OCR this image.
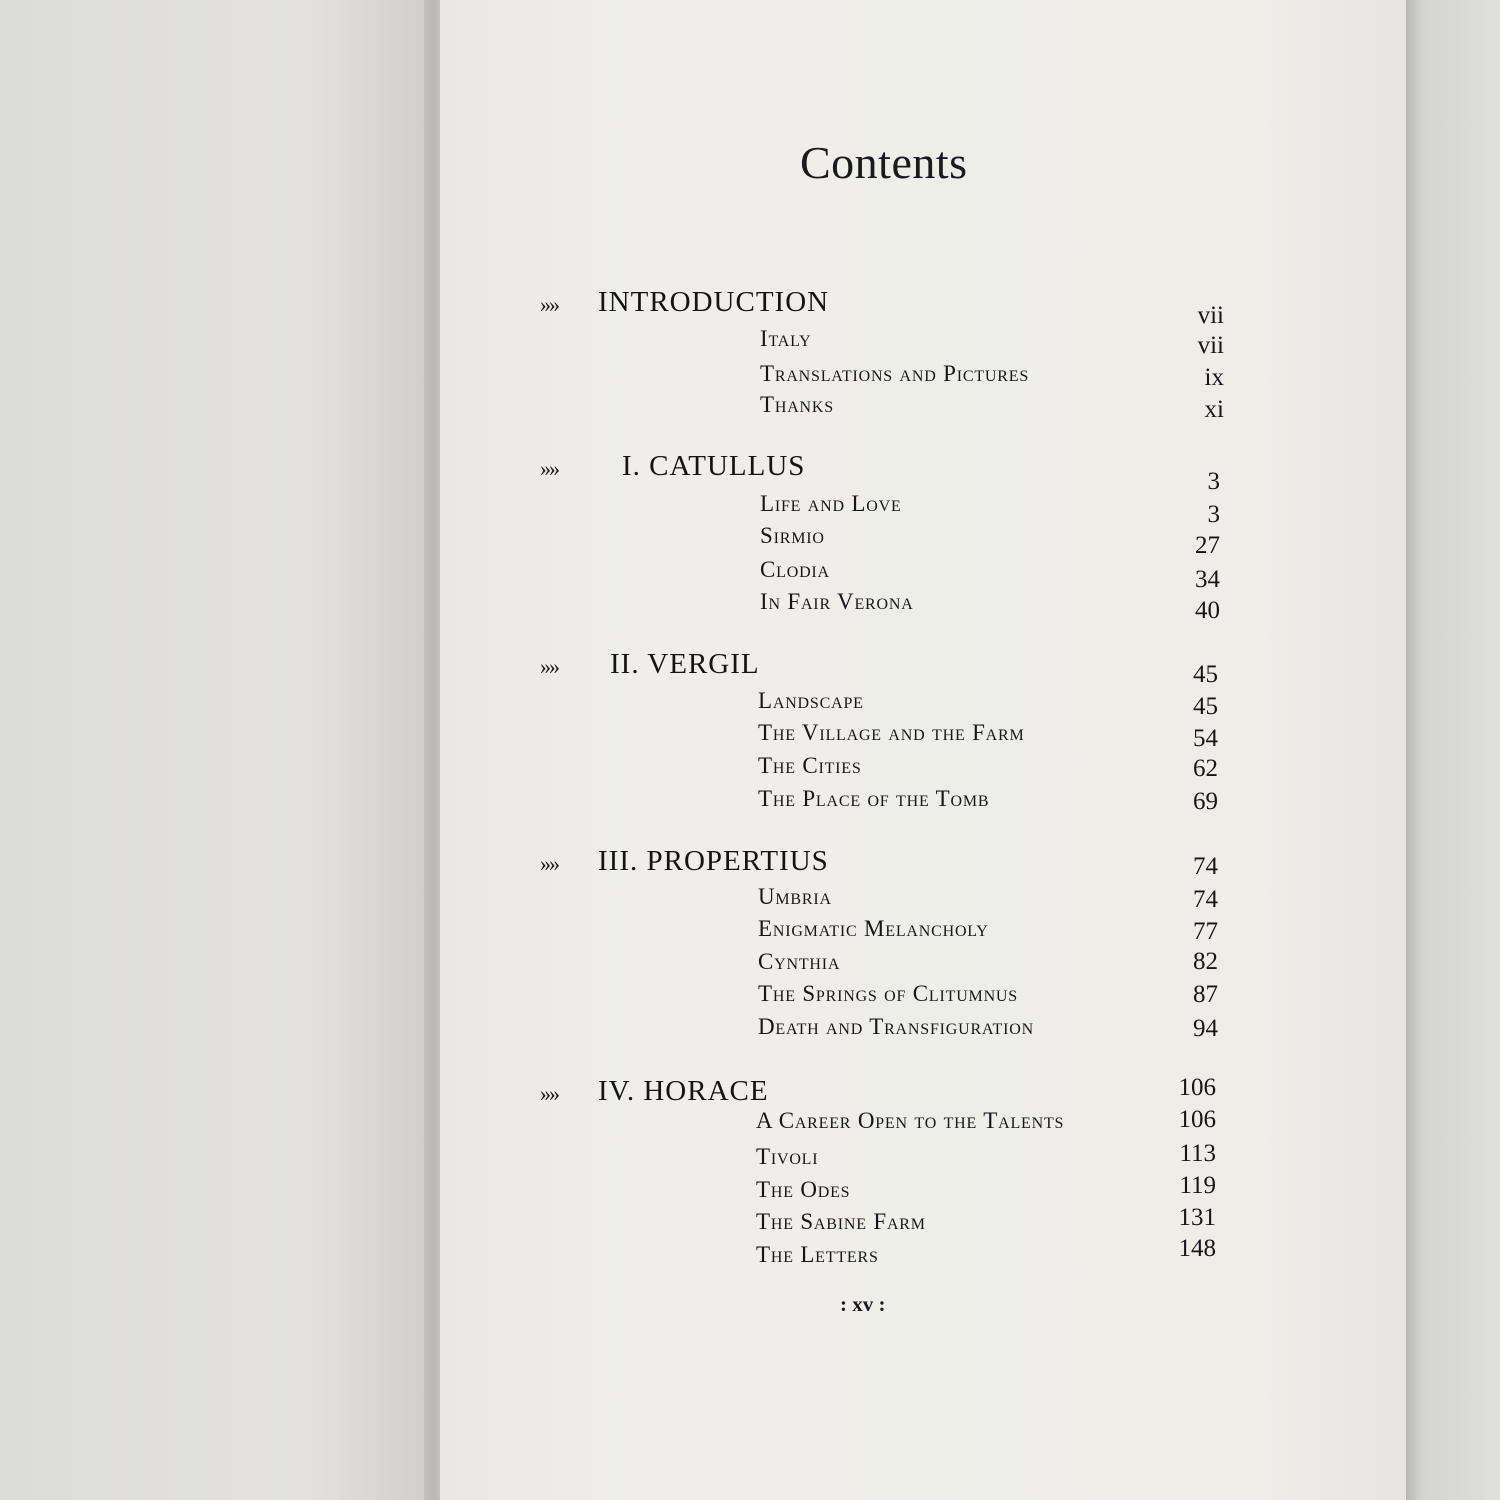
Contents
»» INTRODUCTION	vii
Italy	vii
Translations and Pictures	ix
Thanks	xi
»» I. CATULLUS	3
Life and Love	3
Sirmio	27
Clodia	34
In Fair Verona	40
»» II. VERGIL	45
Landscape	45
The Village and the Farm	54
The Cities	62
The Place of the Tomb	69
»» III. PROPERTIUS	74
Umbria	74
Enigmatic Melancholy	77
Cynthia	82
The Springs of Clitumnus	87
Death and Transfiguration	94
»» IV. HORACE	106
A Career Open to the Talents	106
Tivoli	113
The Odes	119
The Sabine Farm	131
The Letters	148
: xv :
